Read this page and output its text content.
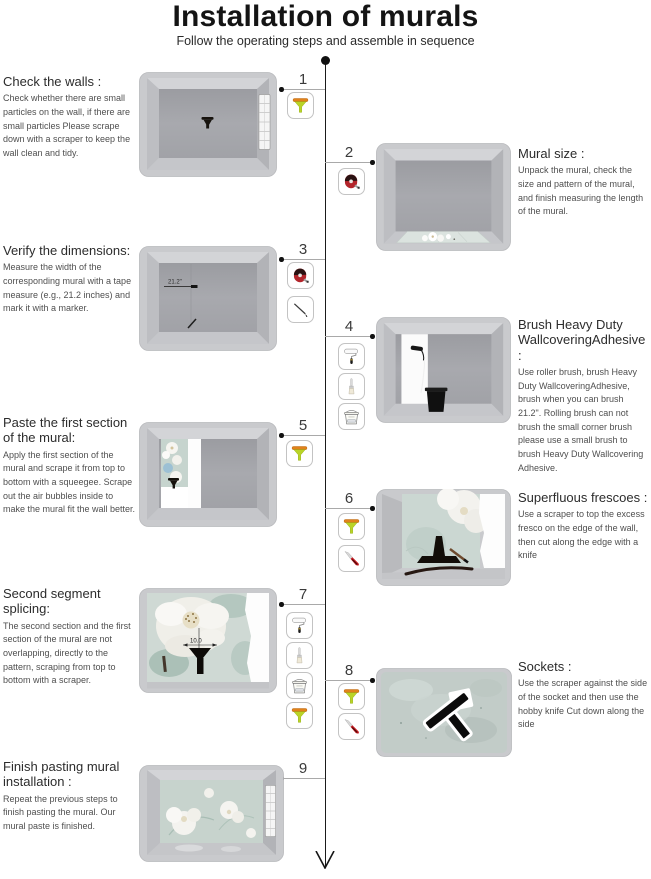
Installation of murals
Follow the operating steps and assemble in sequence
Check the walls :

Check whether there are small particles on the wall, if there are small particles Please scrape down with a scraper to keep the wall clean and tidy.

1
2	Mural size :

Unpack the mural, check the size and pattern of the mural, and finish measuring the length of the mural.

Verify the dimensions:

Measure the width of the corresponding mural with a tape measure (e.g., 21.2 inches) and mark it with a marker.

3
21.2"
4	Brush Heavy Duty WallcoveringAdhesive :

Use roller brush, brush Heavy Duty WallcoveringAdhesive, brush when you can brush 21.2". Rolling brush can not brush the small corner brush please use a small brush to brush Heavy Duty Wallcovering Adhesive.

Paste the first section of the mural:

Apply the first section of the mural and scrape it from top to bottom with a squeegee. Scrape out the air bubbles inside to make the mural fit the wall better.

5
6	Superfluous frescoes :

Use a scraper to top the excess fresco on the edge of the wall, then cut along the edge with a knife

Second segment splicing:

The second section and the first section of the mural are not overlapping, directly to the pattern, scraping from top to bottom with a scraper.

7
10.0
8	Sockets :

Use the scraper against the side of the socket and then use the hobby knife Cut down along the side

Finish pasting mural installation :

Repeat the previous steps to finish pasting the mural. Our mural paste is finished.

9
